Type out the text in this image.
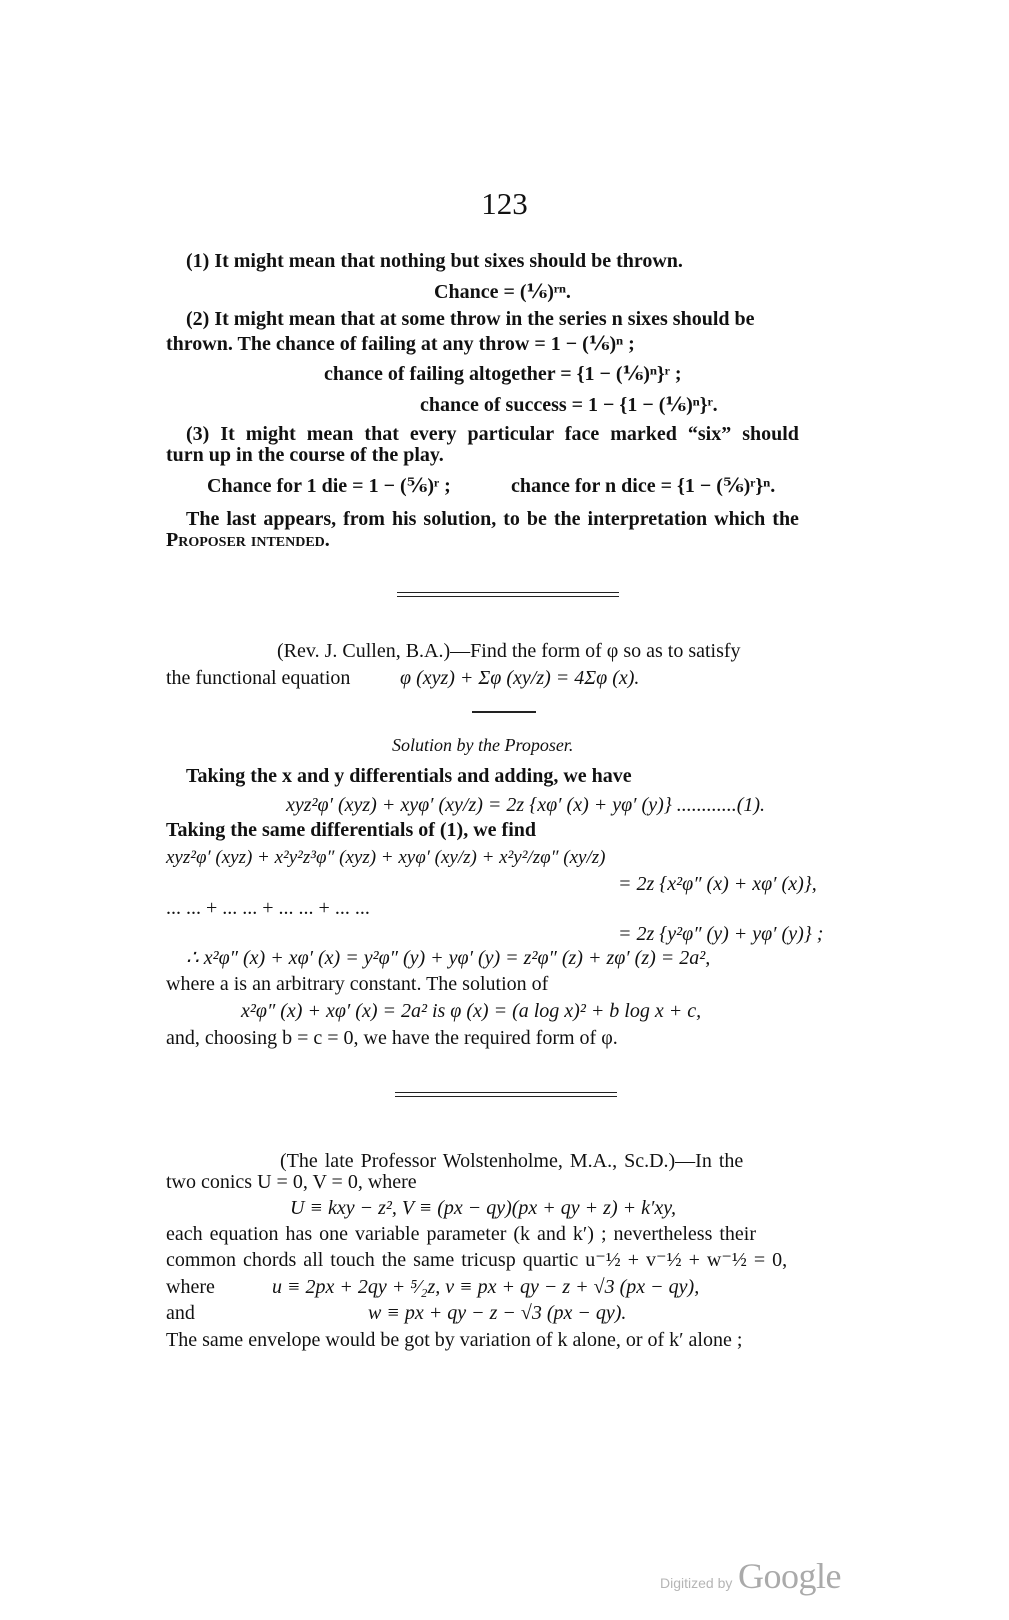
123
(1) It might mean that nothing but sixes should be thrown.
Chance = (⅙)ʳⁿ.
(2) It might mean that at some throw in the series n sixes should be
thrown. The chance of failing at any throw = 1 − (⅙)ⁿ ;
chance of failing altogether = {1 − (⅙)ⁿ}ʳ ;
chance of success = 1 − {1 − (⅙)ⁿ}ʳ.
(3) It might mean that every particular face marked “six” should
turn up in the course of the play.
Chance for 1 die = 1 − (⅚)ʳ ;	chance for n dice = {1 − (⅚)ʳ}ⁿ.
The last appears, from his solution, to be the interpretation which the
Proposer intended.
(Rev. J. Cullen, B.A.)—Find the form of φ so as to satisfy
the functional equation φ (xyz) + Σφ (xy/z) = 4Σφ (x).
Solution by the Proposer.
Taking the x and y differentials and adding, we have
xyz²φ′ (xyz) + xyφ′ (xy/z) = 2z {xφ′ (x) + yφ′ (y)} ............(1).
Taking the same differentials of (1), we find
xyz²φ′ (xyz) + x²y²z³φ″ (xyz) + xyφ′ (xy/z) + x²y²/zφ″ (xy/z)
= 2z {x²φ″ (x) + xφ′ (x)},
... ... + ... ... + ... ... + ... ...
= 2z {y²φ″ (y) + yφ′ (y)} ;
∴ x²φ″ (x) + xφ′ (x) = y²φ″ (y) + yφ′ (y) = z²φ″ (z) + zφ′ (z) = 2a²,
where a is an arbitrary constant. The solution of
x²φ″ (x) + xφ′ (x) = 2a² is φ (x) = (a log x)² + b log x + c,
and, choosing b = c = 0, we have the required form of φ.
(The late Professor Wolstenholme, M.A., Sc.D.)—In the
two conics U = 0, V = 0, where
U ≡ kxy − z², V ≡ (px − qy)(px + qy + z) + k′xy,
each equation has one variable parameter (k and k′) ; nevertheless their
common chords all touch the same tricusp quartic u⁻½ + v⁻½ + w⁻½ = 0,
where	u ≡ 2px + 2qy + ⁵⁄₂z, v ≡ px + qy − z + √3 (px − qy),
and	w ≡ px + qy − z − √3 (px − qy).
The same envelope would be got by variation of k alone, or of k′ alone ;
Digitized by Google
